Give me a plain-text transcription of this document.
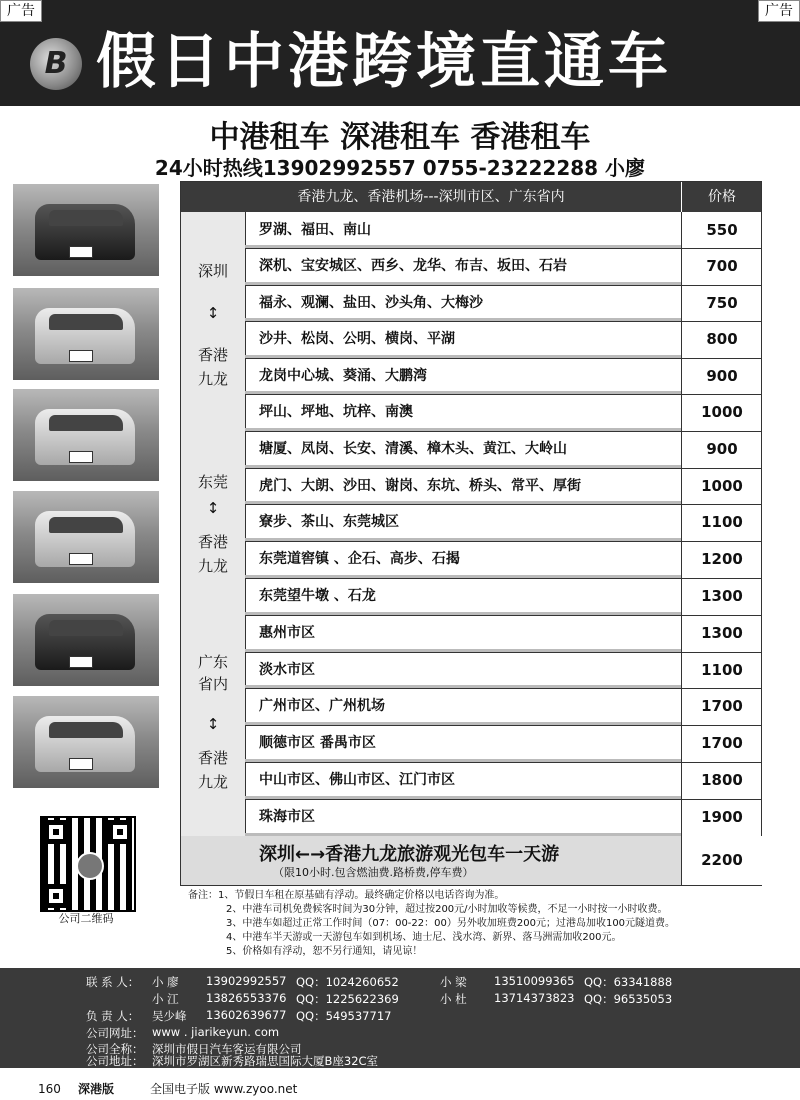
广告	广告
B 假日中港跨境直通车
中港租车 深港租车 香港租车
24小时热线13902992557 0755-23222288 小廖
公司二维码
香港九龙、香港机场---深圳市区、广东省内	价格
深圳
↕
香港
九龙
罗湖、福田、南山	550
深机、宝安城区、西乡、龙华、布吉、坂田、石岩	700
福永、观澜、盐田、沙头角、大梅沙	750
沙井、松岗、公明、横岗、平湖	800
龙岗中心城、葵涌、大鹏湾	900
坪山、坪地、坑梓、南澳	1000
东莞
↕
香港
九龙
塘厦、凤岗、长安、清溪、樟木头、黄江、大岭山	900
虎门、大朗、沙田、谢岗、东坑、桥头、常平、厚街	1000
寮步、茶山、东莞城区	1100
东莞道窖镇 、企石、高步、石揭	1200
东莞望牛墩 、石龙	1300
广东
省内
↕
香港
九龙
惠州市区	1300
淡水市区	1100
广州市区、广州机场	1700
顺德市区 番禺市区	1700
中山市区、佛山市区、江门市区	1800
珠海市区	1900
深圳←→香港九龙旅游观光包车一天游
（限10小时.包含燃油费.路桥费,停车费）
2200
备注：1、节假日车租在原基础有浮动。最终确定价格以电话咨询为准。
2、中港车司机免费候客时间为30分钟，超过按200元/小时加收等候费，不足一小时按一小时收费。
3、中港车如超过正常工作时间（07：00-22：00）另外收加班费200元；过港岛加收100元隧道费。
4、中港车半天游或一天游包车如到机场、迪士尼、浅水湾、新界、落马洲需加收200元。
5、价格如有浮动，恕不另行通知，请见谅！
联 系 人： 小 廖 13902992557 QQ：1024260652	小 梁 13510099365 QQ：63341888
小 江 13826553376 QQ：1225622369	小 杜 13714373823 QQ：96535053
负 责 人： 吴少峰 13602639677 QQ：549537717
公司网址： www . jiarikeyun. com
公司全称： 深圳市假日汽车客运有限公司
公司地址： 深圳市罗湖区新秀路瑞思国际大厦B座32C室
160 深港版	全国电子版 www.zyoo.net
